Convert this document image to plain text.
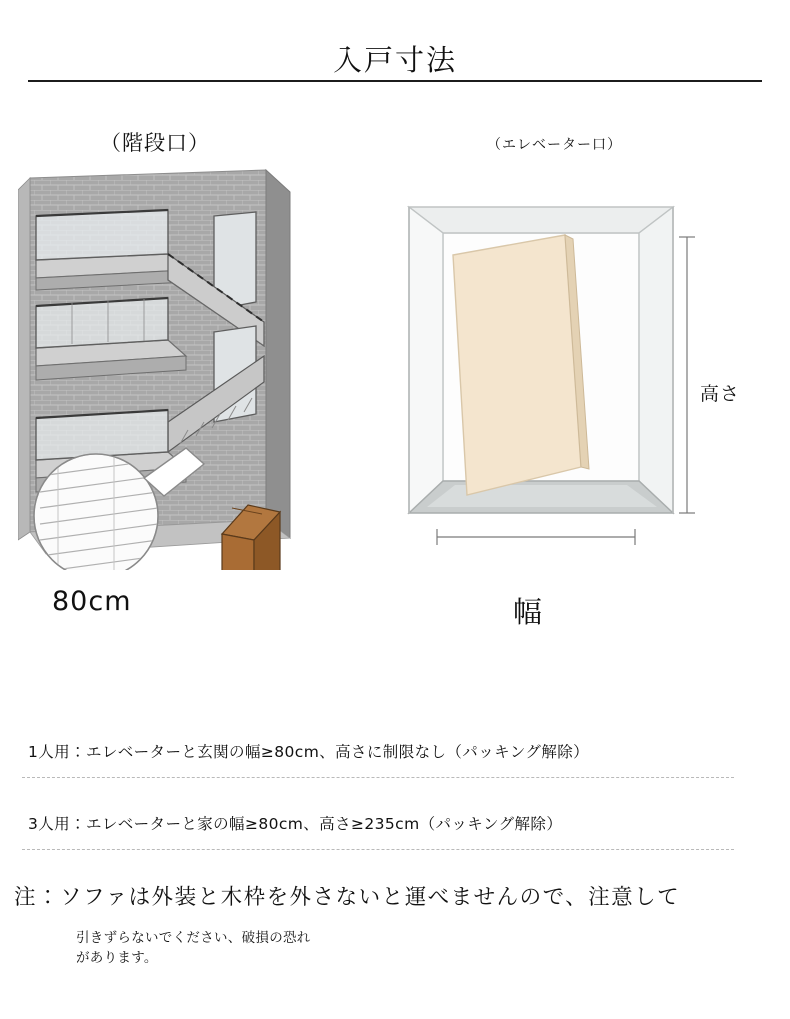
入戸寸法
（階段口）	（エレベーター口）
80cm
高さ
幅
1人用：エレベーターと玄関の幅≥80cm、高さに制限なし（パッキング解除）
3人用：エレベーターと家の幅≥80cm、高さ≥235cm（パッキング解除）
注：ソファは外装と木枠を外さないと運べませんので、注意して
引きずらないでください、破損の恐れ
があります。
